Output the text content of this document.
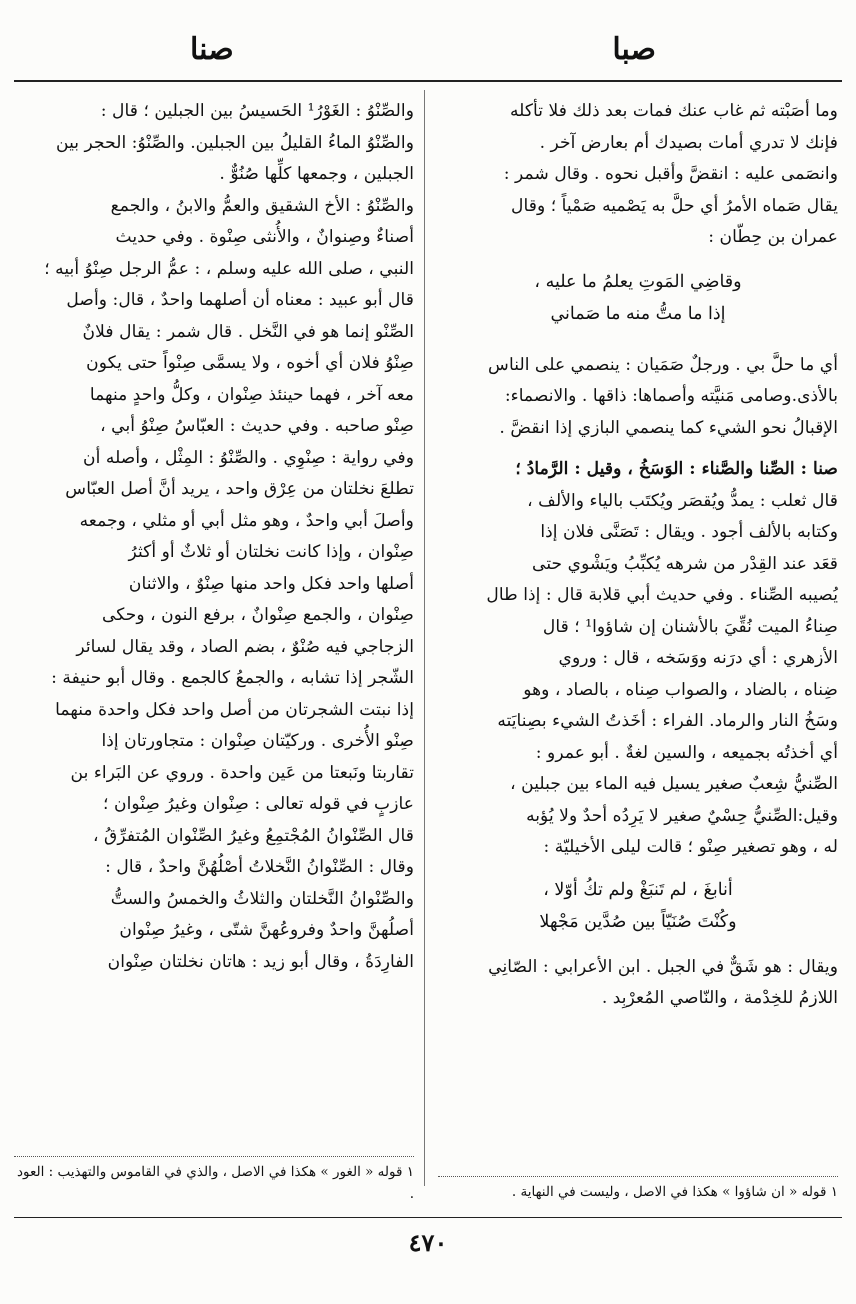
صبا
صنا

وما أصَبْته ثم غاب عنك فمات بعد ذلك فلا تأكله

فإنك لا تدري أمات بصيدك أم بعارض آخر .

وانصَمى عليه : انقضَّ وأقبل نحوه . وقال شمر :

يقال صَماه الأمرُ أي حلَّ به يَصْميه صَمْياً ؛ وقال

عمران بن حِطّان :

وقاضِي المَوتِ يعلمُ ما عليه ،

إذا ما متُّ منه ما صَماني

أي ما حلَّ بي . ورجلٌ صَمَيان : ينصمي على الناس

بالأذى.وصامى مَنيَّته وأصماها: ذاقها . والانصماء:

الإقبالُ نحو الشيء كما ينصمي البازي إذا انقضَّ .

صنا : الصِّنا والصَّناء : الوَسَخُ ، وقيل : الرَّمادُ ؛

قال ثعلب : يمدُّ ويُقصَر ويُكتَب بالياء والألف ،

وكتابه بالألف أجود . ويقال : تَصَنَّى فلان إذا

قعَد عند القِدْر من شرهه يُكبِّبُ ويَشْوي حتى

يُصيبه الصِّناء . وفي حديث أبي قلابة قال : إذا طال

صِناءُ الميت نُقِّيَ بالأشنان إن شاؤوا¹ ؛ قال

الأزهري : أي درَنه ووَسَخه ، قال : وروي

ضِناه ، بالضاد ، والصواب صِناه ، بالصاد ، وهو

وسَخُ النار والرماد. الفراء : أخَذتُ الشيء بصِنايَته

أي أخذتُه بجميعه ، والسين لغةٌ . أبو عمرو :

الصِّنيُّ شِعبٌ صغير يسيل فيه الماء بين جبلين ،

وقيل:الصِّنيُّ حِسْيٌ صغير لا يَرِدُه أحدٌ ولا يُؤبه

له ، وهو تصغير صِنْو ؛ قالت ليلى الأخيليّة :

أنابغَ ، لم تَنبَغْ ولم تكُ أوّلا ،

وكُنْتَ صُنَيّاً بين صُدَّين مَجْهلا

ويقال : هو شَقٌّ في الجبل . ابن الأعرابي : الصّانِي

اللازمُ للخِدْمة ، والنّاصي المُعرْبِد .

والصِّنْوُ : الغَوْرُ¹ الحَسيسُ بين الجبلين ؛ قال :

والصِّنْوُ الماءُ القليلُ بين الجبلين. والصِّنْوُ: الحجر بين

الجبلين ، وجمعها كلِّها صُنُوٌّ .

والصِّنْوُ : الأخ الشقيق والعمُّ والابنُ ، والجمع

أصناءٌ وصِنوانٌ ، والأُنثى صِنْوة . وفي حديث

النبي ، صلى الله عليه وسلم ، : عمُّ الرجل صِنْوُ أبيه ؛

قال أبو عبيد : معناه أن أصلهما واحدٌ ، قال: وأصل

الصِّنْو إنما هو في النَّخل . قال شمر : يقال فلانٌ

صِنْوُ فلان أي أخوه ، ولا يسمَّى صِنْواً حتى يكون

معه آخر ، فهما حينئذ صِنْوان ، وكلُّ واحدٍ منهما

صِنْو صاحبه . وفي حديث : العبّاسُ صِنْوُ أبي ،

وفي رواية : صِنْوِي . والصِّنْوُ : المِثْل ، وأصله أن

تطلعَ نخلتان من عِرْق واحد ، يريد أنَّ أصل العبّاس

وأصلَ أبي واحدٌ ، وهو مثل أبي أو مثلي ، وجمعه

صِنْوان ، وإذا كانت نخلتان أو ثلاثٌ أو أكثرُ

أصلها واحد فكل واحد منها صِنْوٌ ، والاثنان

صِنْوان ، والجمع صِنْوانٌ ، برفع النون ، وحكى

الزجاجي فيه صُنْوٌ ، بضم الصاد ، وقد يقال لسائر

الشّجر إذا تشابه ، والجمعُ كالجمع . وقال أبو حنيفة :

إذا نبتت الشجرتان من أصل واحد فكل واحدة منهما

صِنْو الأُخرى . وركيّتان صِنْوان : متجاورتان إذا

تقاربتا ونَبعتا من عَين واحدة . وروي عن البَراء بن

عازبٍ في قوله تعالى : صِنْوان وغيرُ صِنْوان ؛

قال الصِّنْوانُ المُجْتمِعُ وغيرُ الصِّنْوان المُتفرِّقُ ،

وقال : الصِّنْوانُ النَّخلاتُ أصْلُهُنَّ واحدٌ ، قال :

والصِّنْوانُ النَّخلتان والثلاثُ والخمسُ والستُّ

أصلُهنَّ واحدٌ وفروعُهنَّ شتّى ، وغيرُ صِنْوان

الفارِدَةُ ، وقال أبو زيد : هاتان نخلتان صِنْوان

١ قوله « ان شاؤوا » هكذا في الاصل ، وليست في النهاية .

١ قوله « الغور » هكذا في الاصل ، والذي في القاموس والتهذيب : العود .

٤٧٠
